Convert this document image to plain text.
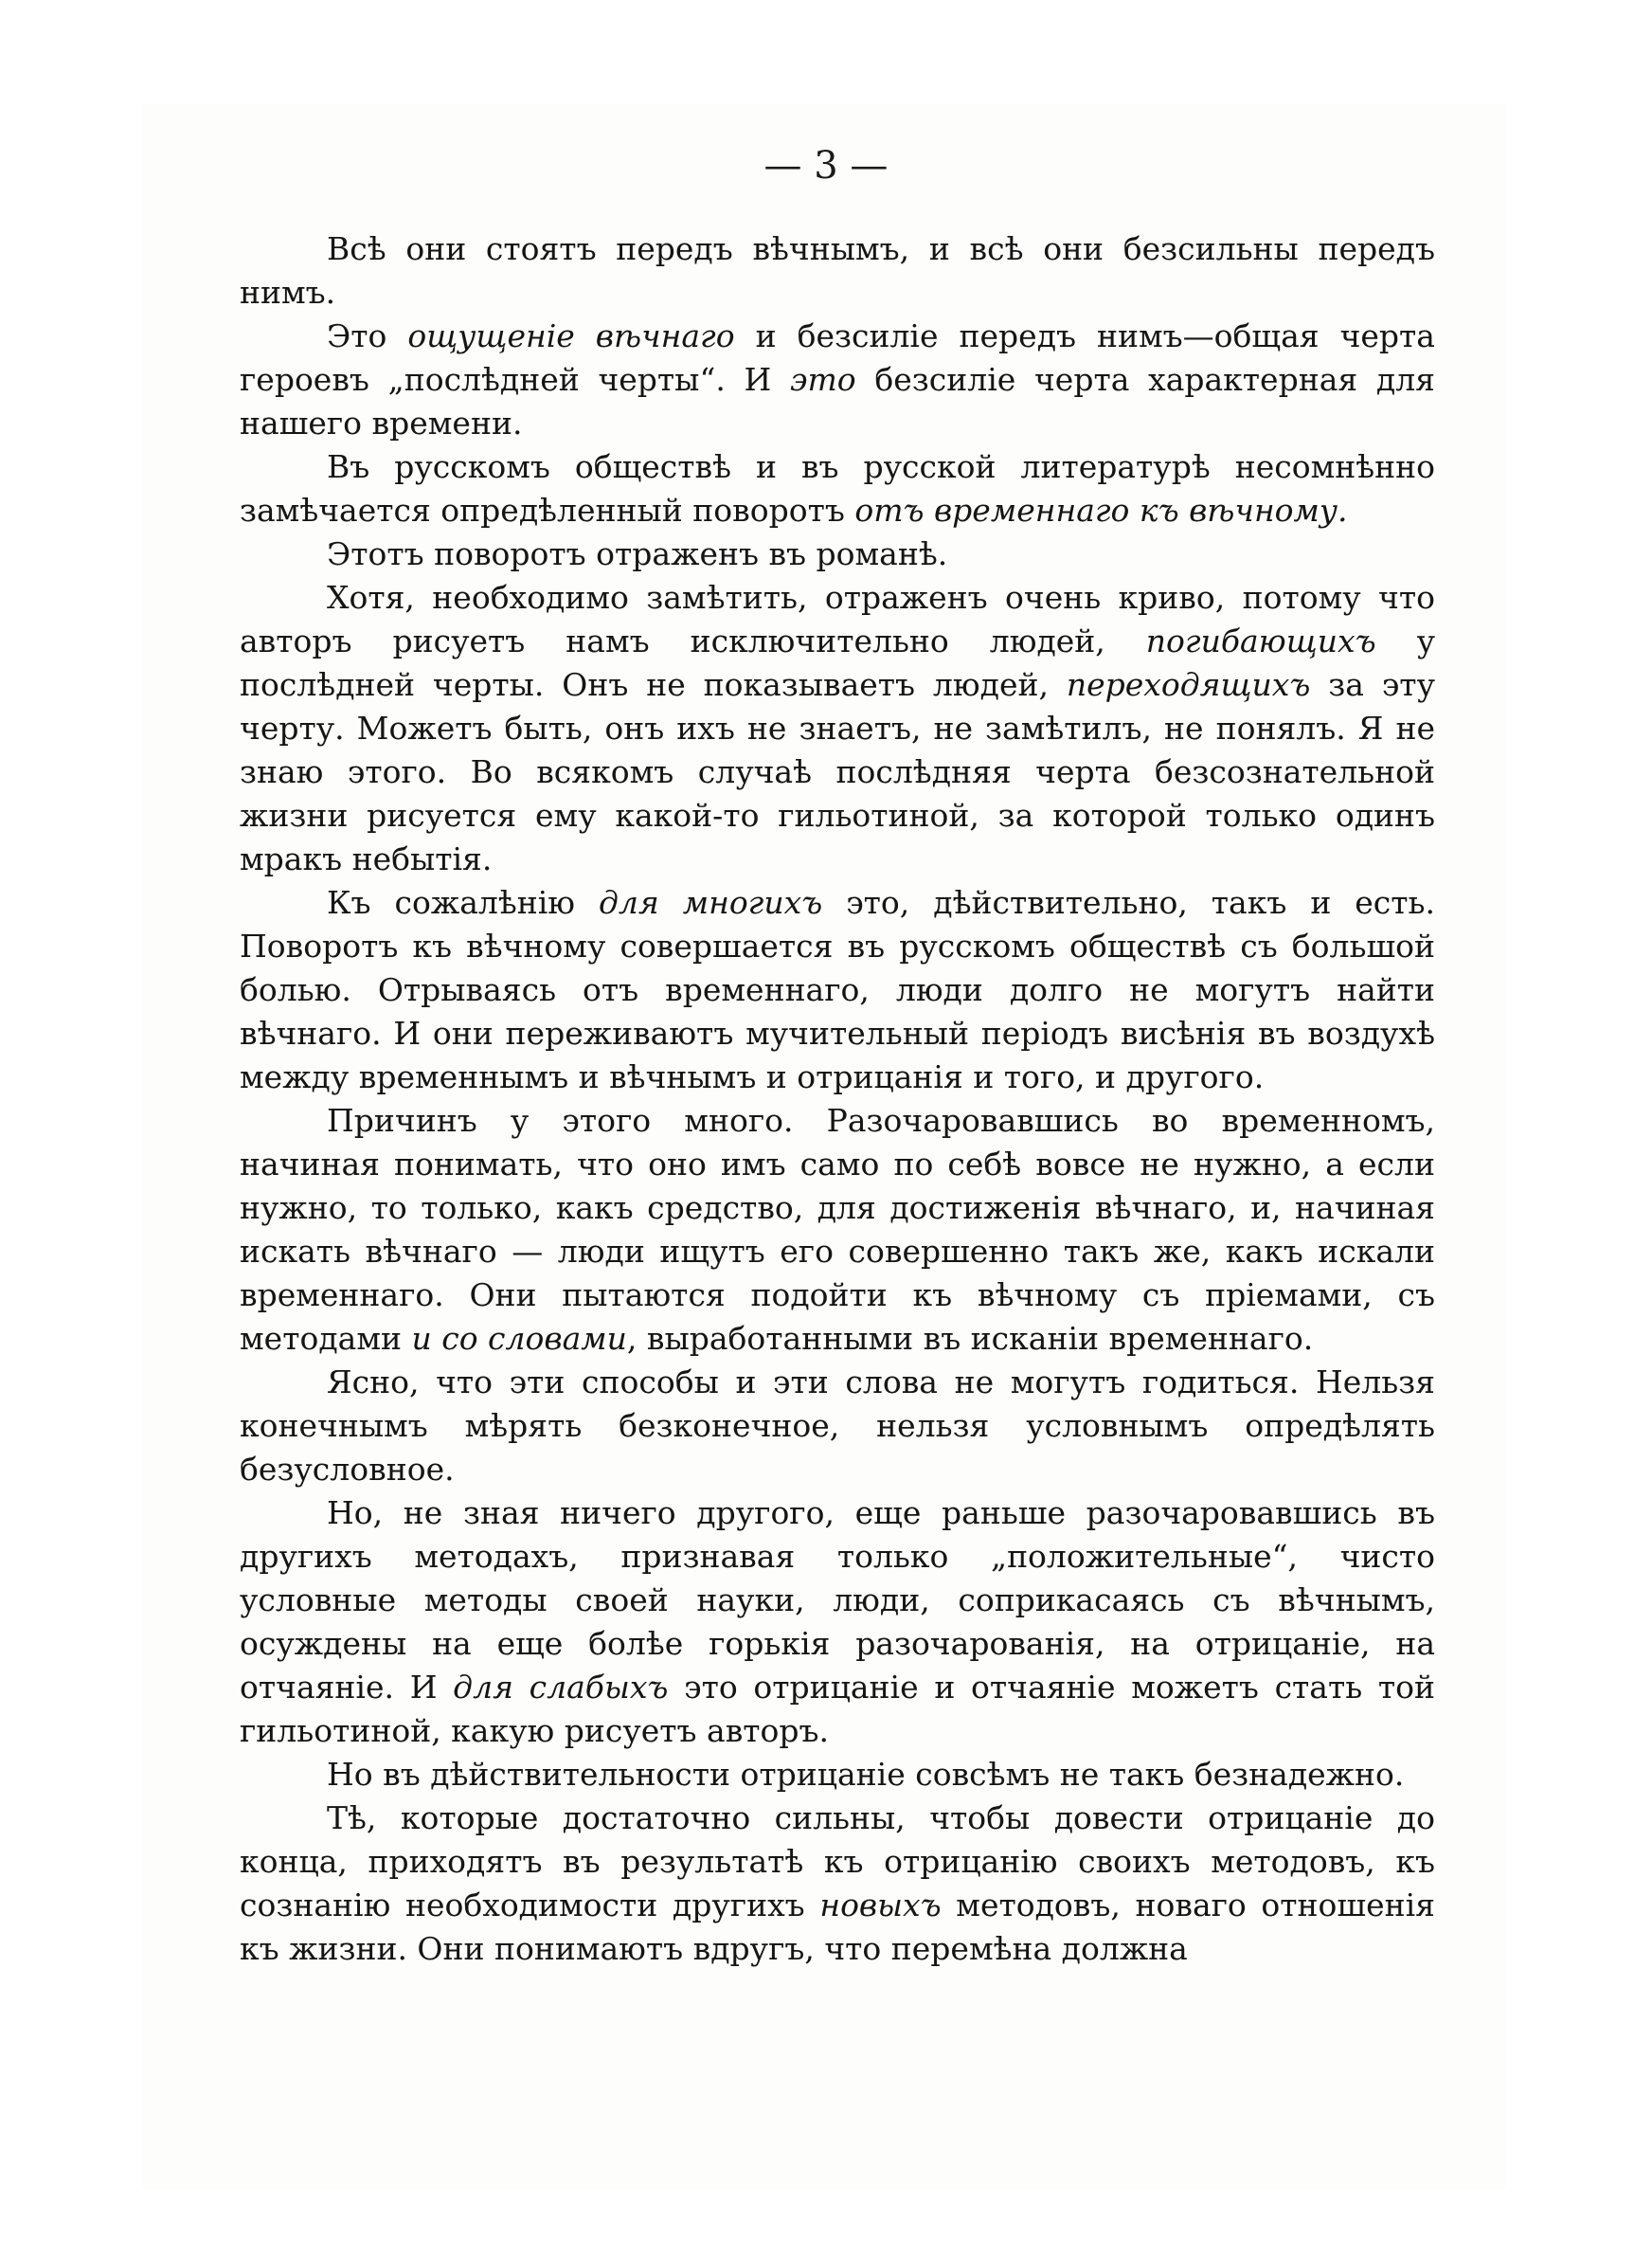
— 3 —

Всѣ они стоятъ передъ вѣчнымъ, и всѣ они безсильны передъ нимъ.

Это ощущеніе вѣчнаго и безсиліе передъ нимъ—общая черта героевъ „послѣдней черты“. И это безсиліе черта характерная для нашего времени.

Въ русскомъ обществѣ и въ русской литературѣ несомнѣнно замѣчается опредѣленный поворотъ отъ временнаго къ вѣчному.

Этотъ поворотъ отраженъ въ романѣ.

Хотя, необходимо замѣтить, отраженъ очень криво, потому что авторъ рисуетъ намъ исключительно людей, погибающихъ у послѣдней черты. Онъ не показываетъ людей, переходящихъ за эту черту. Можетъ быть, онъ ихъ не знаетъ, не замѣтилъ, не понялъ. Я не знаю этого. Во всякомъ случаѣ послѣдняя черта безсознательной жизни рисуется ему какой-то гильотиной, за которой только одинъ мракъ небытія.

Къ сожалѣнію для многихъ это, дѣйствительно, такъ и есть. Поворотъ къ вѣчному совершается въ русскомъ обществѣ съ большой болью. Отрываясь отъ временнаго, люди долго не могутъ найти вѣчнаго. И они переживаютъ мучительный періодъ висѣнія въ воздухѣ между временнымъ и вѣчнымъ и отрицанія и того, и другого.

Причинъ у этого много. Разочаровавшись во временномъ, начиная понимать, что оно имъ само по себѣ вовсе не нужно, а если нужно, то только, какъ средство, для достиженія вѣчнаго, и, начиная искать вѣчнаго — люди ищутъ его совершенно такъ же, какъ искали временнаго. Они пытаются подойти къ вѣчному съ пріемами, съ методами и со словами, выработанными въ исканіи временнаго.

Ясно, что эти способы и эти слова не могутъ годиться. Нельзя конечнымъ мѣрять безконечное, нельзя условнымъ опредѣлять безусловное.

Но, не зная ничего другого, еще раньше разочаровавшись въ другихъ методахъ, признавая только „положительные“, чисто условные методы своей науки, люди, соприкасаясь съ вѣчнымъ, осуждены на еще болѣе горькія разочарованія, на отрицаніе, на отчаяніе. И для слабыхъ это отрицаніе и отчаяніе можетъ стать той гильотиной, какую рисуетъ авторъ.

Но въ дѣйствительности отрицаніе совсѣмъ не такъ безнадежно.

Тѣ, которые достаточно сильны, чтобы довести отрицаніе до конца, приходятъ въ результатѣ къ отрицанію своихъ методовъ, къ сознанію необходимости другихъ новыхъ методовъ, новаго отношенія къ жизни. Они понимаютъ вдругъ, что перемѣна должна
